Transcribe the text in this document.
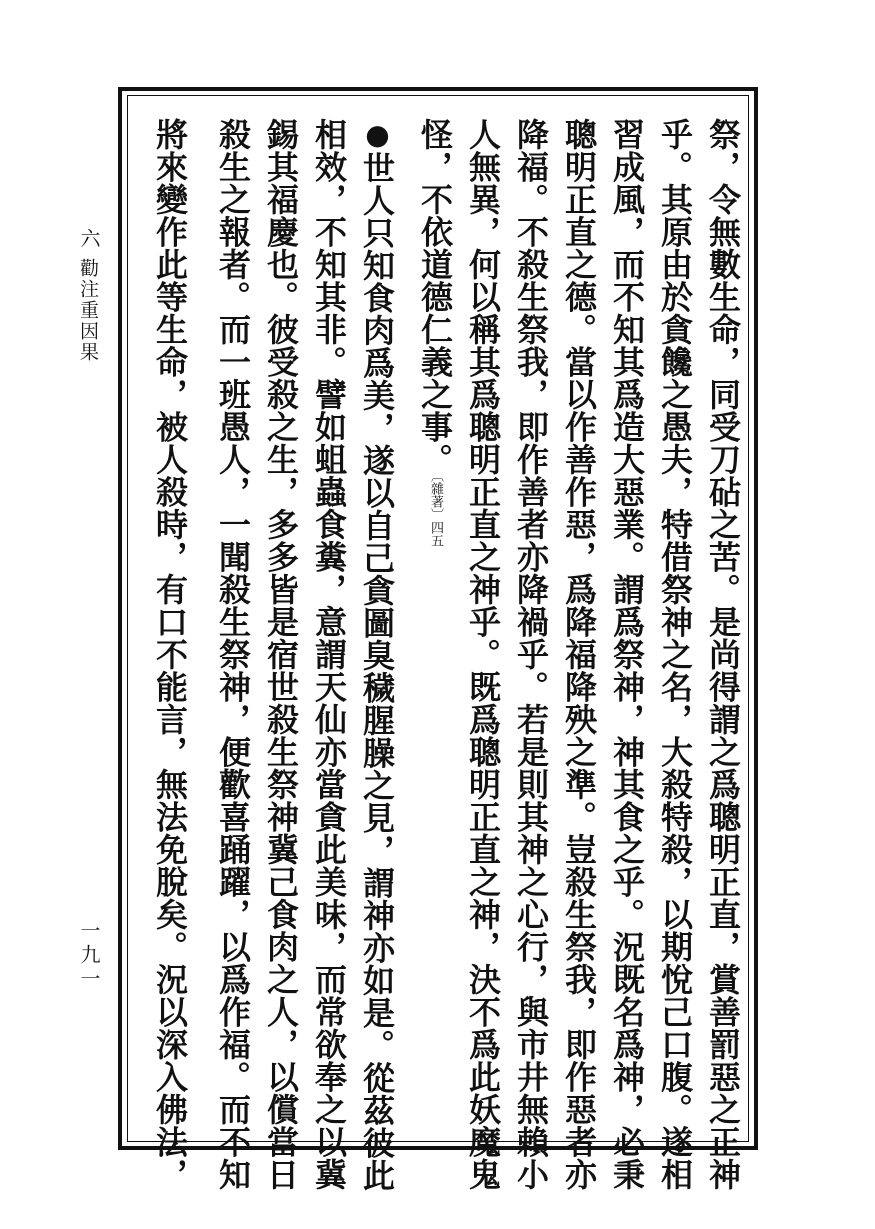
六
勸注重因果
一九一	祭，令無數生命，同受刀砧之苦。是尚得謂之爲聰明正直，賞善罰惡之正神
乎。其原由於貪饞之愚夫，特借祭神之名，大殺特殺，以期悅己口腹。遂相
習成風，而不知其爲造大惡業。謂爲祭神，神其食之乎。況既名爲神，必秉
聰明正直之德。當以作善作惡，爲降福降殃之準。豈殺生祭我，即作惡者亦
降福。不殺生祭我，即作善者亦降禍乎。若是則其神之心行，與市井無賴小
人無異，何以稱其爲聰明正直之神乎。既爲聰明正直之神，決不爲此妖魔鬼
怪，不依道德仁義之事。〔雜著〕四五
●世人只知食肉爲美，遂以自己貪圖臭穢腥臊之見，謂神亦如是。從茲彼此
相效，不知其非。譬如蛆蟲食糞，意謂天仙亦當貪此美味，而常欲奉之以冀
錫其福慶也。彼受殺之生，多多皆是宿世殺生祭神冀己食肉之人，以償當日
殺生之報者。而一班愚人，一聞殺生祭神，便歡喜踊躍，以爲作福。而不知
將來變作此等生命，被人殺時，有口不能言，無法免脫矣。況以深入佛法，
